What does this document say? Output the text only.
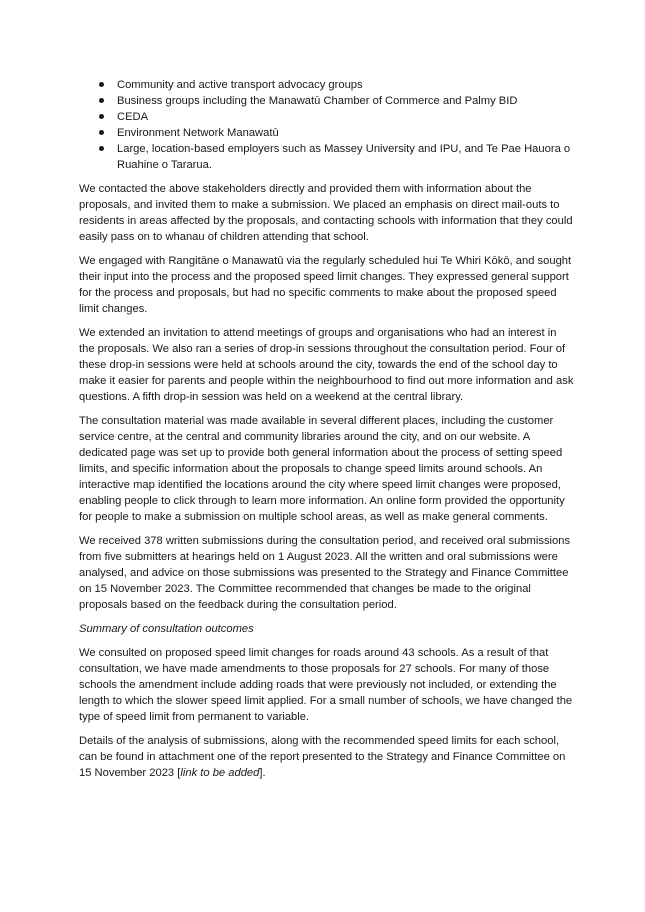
Community and active transport advocacy groups
Business groups including the Manawatū Chamber of Commerce and Palmy BID
CEDA
Environment Network Manawatū
Large, location-based employers such as Massey University and IPU, and Te Pae Hauora o Ruahine o Tararua.

We contacted the above stakeholders directly and provided them with information about the proposals, and invited them to make a submission. We placed an emphasis on direct mail-outs to residents in areas affected by the proposals, and contacting schools with information that they could easily pass on to whanau of children attending that school.

We engaged with Rangitāne o Manawatū via the regularly scheduled hui Te Whiri Kōkō, and sought their input into the process and the proposed speed limit changes. They expressed general support for the process and proposals, but had no specific comments to make about the proposed speed limit changes.

We extended an invitation to attend meetings of groups and organisations who had an interest in the proposals. We also ran a series of drop-in sessions throughout the consultation period. Four of these drop-in sessions were held at schools around the city, towards the end of the school day to make it easier for parents and people within the neighbourhood to find out more information and ask questions. A fifth drop-in session was held on a weekend at the central library.

The consultation material was made available in several different places, including the customer service centre, at the central and community libraries around the city, and on our website. A dedicated page was set up to provide both general information about the process of setting speed limits, and specific information about the proposals to change speed limits around schools. An interactive map identified the locations around the city where speed limit changes were proposed, enabling people to click through to learn more information. An online form provided the opportunity for people to make a submission on multiple school areas, as well as make general comments.

We received 378 written submissions during the consultation period, and received oral submissions from five submitters at hearings held on 1 August 2023. All the written and oral submissions were analysed, and advice on those submissions was presented to the Strategy and Finance Committee on 15 November 2023. The Committee recommended that changes be made to the original proposals based on the feedback during the consultation period.

Summary of consultation outcomes

We consulted on proposed speed limit changes for roads around 43 schools. As a result of that consultation, we have made amendments to those proposals for 27 schools. For many of those schools the amendment include adding roads that were previously not included, or extending the length to which the slower speed limit applied. For a small number of schools, we have changed the type of speed limit from permanent to variable.

Details of the analysis of submissions, along with the recommended speed limits for each school, can be found in attachment one of the report presented to the Strategy and Finance Committee on 15 November 2023 [link to be added].
